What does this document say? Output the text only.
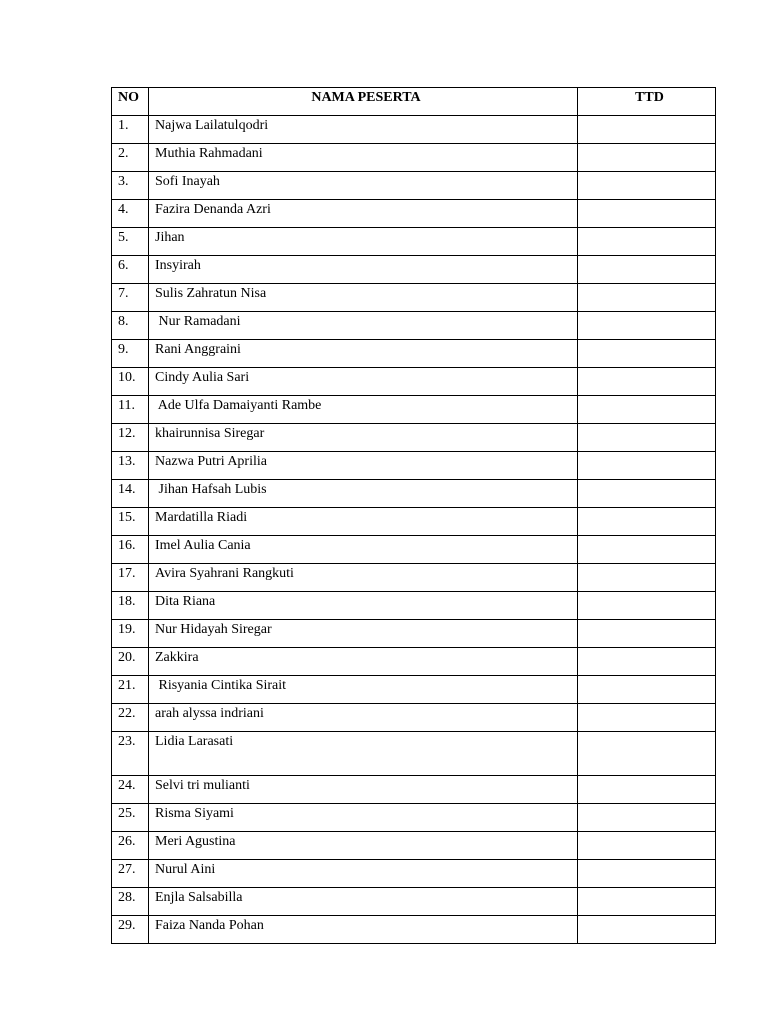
NO	NAMA PESERTA	TTD
1.	Najwa Lailatulqodri	
2.	Muthia Rahmadani	
3.	Sofi Inayah	
4.	Fazira Denanda Azri	
5.	Jihan	
6.	Insyirah	
7.	Sulis Zahratun Nisa	
8.	Nur Ramadani	
9.	Rani Anggraini	
10.	Cindy Aulia Sari	
11.	Ade Ulfa Damaiyanti Rambe	
12.	khairunnisa Siregar	
13.	Nazwa Putri Aprilia	
14.	Jihan Hafsah Lubis	
15.	Mardatilla Riadi	
16.	Imel Aulia Cania	
17.	Avira Syahrani Rangkuti	
18.	Dita Riana	
19.	Nur Hidayah Siregar	
20.	Zakkira	
21.	Risyania Cintika Sirait	
22.	arah alyssa indriani	
23.	Lidia Larasati	
24.	Selvi tri mulianti	
25.	Risma Siyami	
26.	Meri Agustina	
27.	Nurul Aini	
28.	Enjla Salsabilla	
29.	Faiza Nanda Pohan	
